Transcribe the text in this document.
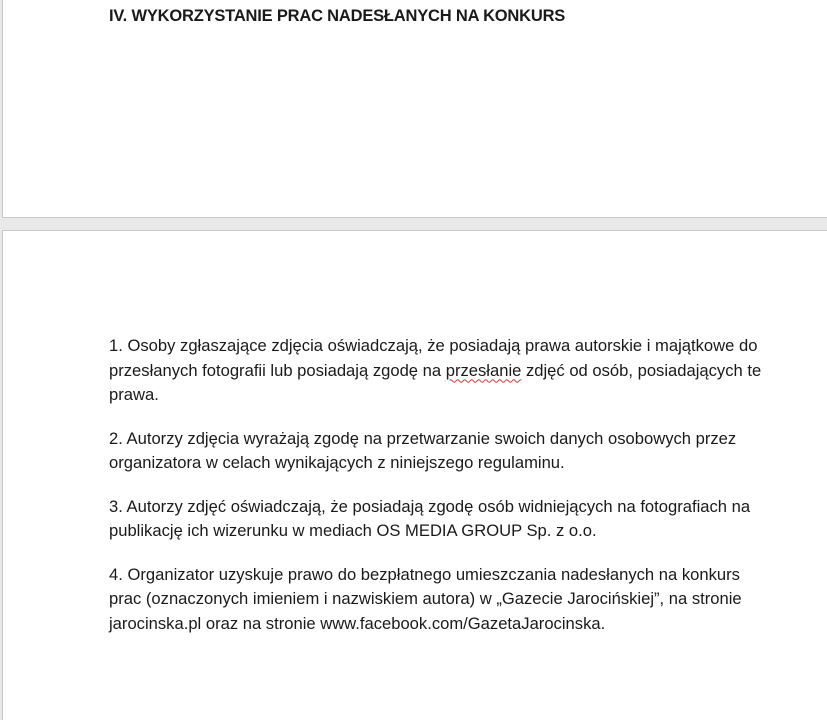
IV. WYKORZYSTANIE PRAC NADESŁANYCH NA KONKURS
1. Osoby zgłaszające zdjęcia oświadczają, że posiadają prawa autorskie i majątkowe do przesłanych fotografii lub posiadają zgodę na przesłanie zdjęć od osób, posiadających te prawa.
2. Autorzy zdjęcia wyrażają zgodę na przetwarzanie swoich danych osobowych przez organizatora w celach wynikających z niniejszego regulaminu.
3. Autorzy zdjęć oświadczają, że posiadają zgodę osób widniejących na fotografiach na publikację ich wizerunku w mediach OS MEDIA GROUP Sp. z o.o.
4. Organizator uzyskuje prawo do bezpłatnego umieszczania nadesłanych na konkurs prac (oznaczonych imieniem i nazwiskiem autora) w „Gazecie Jarocińskiej”, na stronie jarocinska.pl oraz na stronie www.facebook.com/GazetaJarocinska.
